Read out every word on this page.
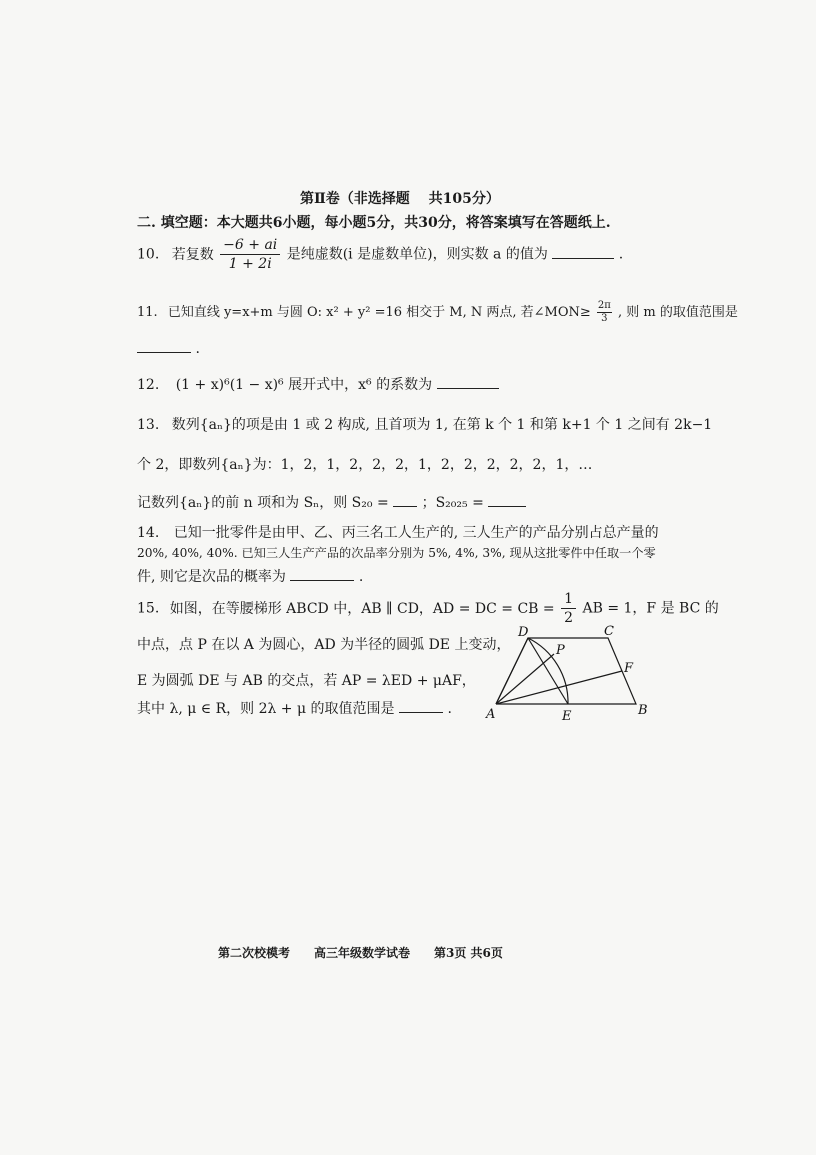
第Ⅱ卷（非选择题　 共105分）
二. 填空题：本大题共6小题，每小题5分，共30分，将答案填写在答题纸上.
10. 若复数 $\frac{-6 + ai}{1 + 2i}$ 是纯虚数(i 是虚数单位)，则实数 a 的值为	.
11. 已知直线 y=x+m 与圆 O: x² + y² =16 相交于 M, N 两点, 若∠MON≥ $\frac{2\pi}{3}$ , 则 m 的取值范围是
.
12. (1 + x)⁶(1 − x)⁶ 展开式中，x⁶ 的系数为
13. 数列{aₙ}的项是由 1 或 2 构成, 且首项为 1, 在第 k 个 1 和第 k+1 个 1 之间有 2k−1
个 2，即数列{aₙ}为：1，2，1，2，2，2，1，2，2，2，2，2，1，…
记数列{aₙ}的前 n 项和为 Sₙ，则 S₂₀ = ；S₂₀₂₅ =
14. 已知一批零件是由甲、乙、丙三名工人生产的, 三人生产的产品分别占总产量的
20%, 40%, 40%. 已知三人生产产品的次品率分别为 5%, 4%, 3%, 现从这批零件中任取一个零
件, 则它是次品的概率为	.
15. 如图，在等腰梯形 ABCD 中，AB ∥ CD，AD = DC = CB = $\frac{1}{2}$ AB = 1，F 是 BC 的
中点，点 P 在以 A 为圆心，AD 为半径的圆弧 DE 上变动，
E 为圆弧 DE 与 AB 的交点，若 AP = λED + μAF，
其中 λ, μ ∈ R，则 2λ + μ 的取值范围是	.	A	B
C
D
E
F
P
第二次校模考　　高三年级数学试卷　　第3页 共6页
